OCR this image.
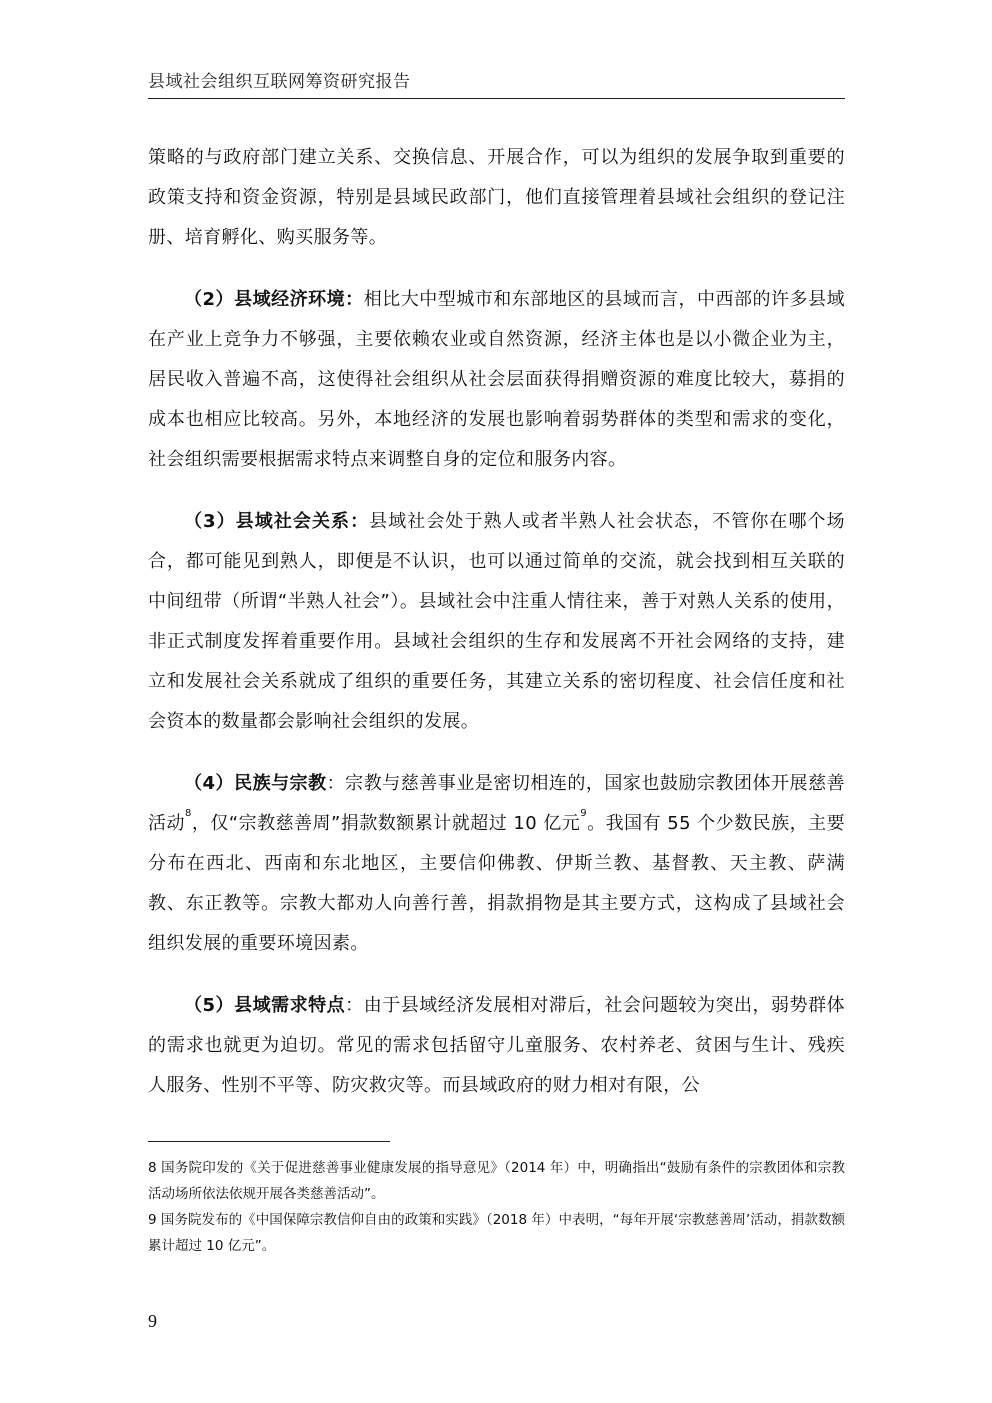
县域社会组织互联网筹资研究报告

策略的与政府部门建立关系、交换信息、开展合作，可以为组织的发展争取到重要的政策支持和资金资源，特别是县域民政部门，他们直接管理着县域社会组织的登记注册、培育孵化、购买服务等。

（2）县域经济环境：相比大中型城市和东部地区的县域而言，中西部的许多县域在产业上竞争力不够强，主要依赖农业或自然资源，经济主体也是以小微企业为主，居民收入普遍不高，这使得社会组织从社会层面获得捐赠资源的难度比较大，募捐的成本也相应比较高。另外，本地经济的发展也影响着弱势群体的类型和需求的变化，社会组织需要根据需求特点来调整自身的定位和服务内容。

（3）县域社会关系：县域社会处于熟人或者半熟人社会状态，不管你在哪个场合，都可能见到熟人，即便是不认识，也可以通过简单的交流，就会找到相互关联的中间纽带（所谓“半熟人社会”）。县域社会中注重人情往来，善于对熟人关系的使用，非正式制度发挥着重要作用。县域社会组织的生存和发展离不开社会网络的支持，建立和发展社会关系就成了组织的重要任务，其建立关系的密切程度、社会信任度和社会资本的数量都会影响社会组织的发展。

（4）民族与宗教：宗教与慈善事业是密切相连的，国家也鼓励宗教团体开展慈善活动$^8$，仅“宗教慈善周”捐款数额累计就超过 10 亿元$^9$。我国有 55 个少数民族，主要分布在西北、西南和东北地区，主要信仰佛教、伊斯兰教、基督教、天主教、萨满教、东正教等。宗教大都劝人向善行善，捐款捐物是其主要方式，这构成了县域社会组织发展的重要环境因素。

（5）县域需求特点：由于县域经济发展相对滞后，社会问题较为突出，弱势群体的需求也就更为迫切。常见的需求包括留守儿童服务、农村养老、贫困与生计、残疾人服务、性别不平等、防灾救灾等。而县域政府的财力相对有限，公

8 国务院印发的《关于促进慈善事业健康发展的指导意见》（2014 年）中，明确指出“鼓励有条件的宗教团体和宗教活动场所依法依规开展各类慈善活动”。

9 国务院发布的《中国保障宗教信仰自由的政策和实践》（2018 年）中表明，“每年开展‘宗教慈善周’活动，捐款数额累计超过 10 亿元”。

9
